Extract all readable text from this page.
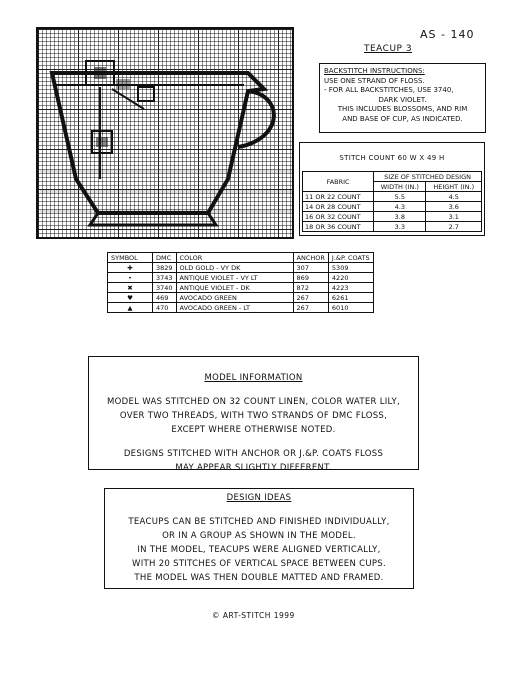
AS - 140
TEACUP 3
BACKSTITCH INSTRUCTIONS:
USE ONE STRAND OF FLOSS.
- FOR ALL BACKSTITCHES, USE 3740,
DARK VIOLET.
THIS INCLUDES BLOSSOMS, AND RIM
AND BASE OF CUP, AS INDICATED.
STITCH COUNT 60 W X 49 H
FABRIC	SIZE OF STITCHED DESIGN	
	WIDTH (IN.)	HEIGHT (IN.)
11 OR 22 COUNT	5.5	4.5
14 OR 28 COUNT	4.3	3.6
16 OR 32 COUNT	3.8	3.1
18 OR 36 COUNT	3.3	2.7
SYMBOL	DMC	COLOR	ANCHOR	J.&P. COATS
✚	3829	OLD GOLD - VY DK	307	5309
•	3743	ANTIQUE VIOLET - VY LT	869	4220
✖	3740	ANTIQUE VIOLET - DK	872	4223
♥	469	AVOCADO GREEN	267	6261
▲	470	AVOCADO GREEN - LT	267	6010
MODEL INFORMATION

MODEL WAS STITCHED ON 32 COUNT LINEN, COLOR WATER LILY,
OVER TWO THREADS, WITH TWO STRANDS OF DMC FLOSS,
EXCEPT WHERE OTHERWISE NOTED.

DESIGNS STITCHED WITH ANCHOR OR J.&P. COATS FLOSS
MAY APPEAR SLIGHTLY DIFFERENT.

DESIGN IDEAS
TEACUPS CAN BE STITCHED AND FINISHED INDIVIDUALLY,
OR IN A GROUP AS SHOWN IN THE MODEL.
IN THE MODEL, TEACUPS WERE ALIGNED VERTICALLY,
WITH 20 STITCHES OF VERTICAL SPACE BETWEEN CUPS.
THE MODEL WAS THEN DOUBLE MATTED AND FRAMED.
© ART-STITCH 1999
